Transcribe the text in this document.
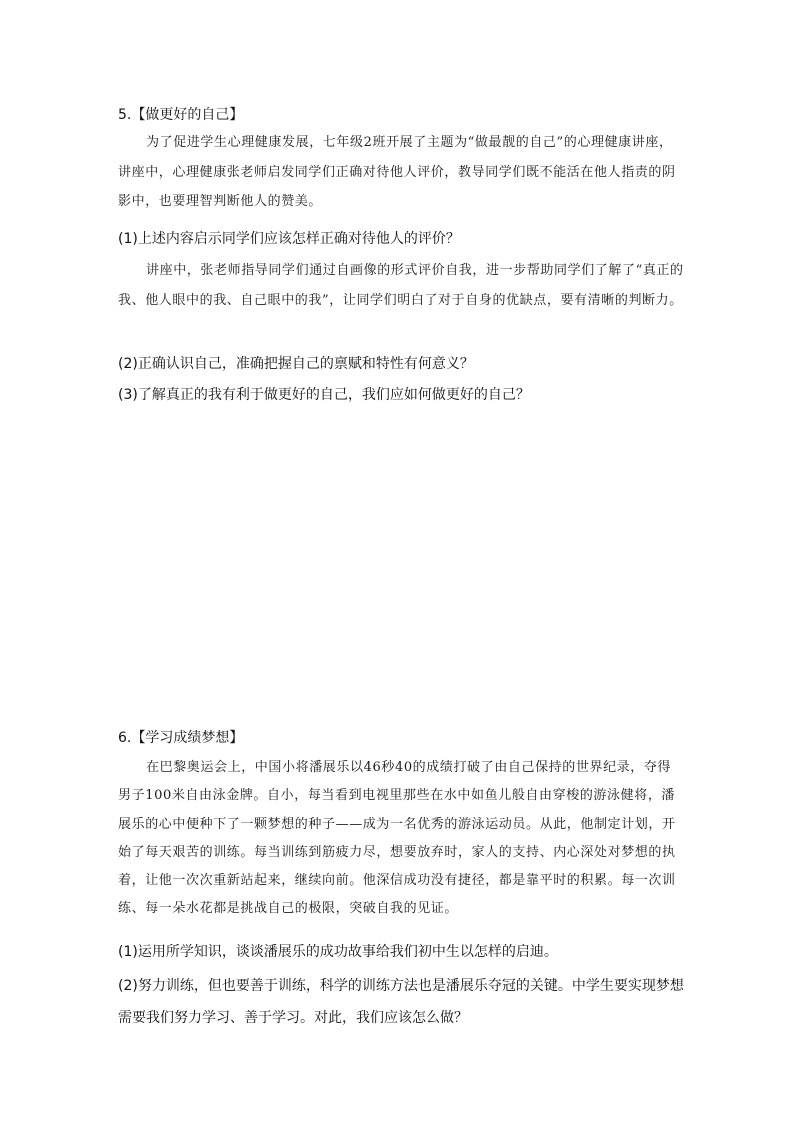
5.【做更好的自己】
为了促进学生心理健康发展，七年级2班开展了主题为“做最靓的自己”的心理健康讲座，讲座中，心理健康张老师启发同学们正确对待他人评价，教导同学们既不能活在他人指责的阴影中，也要理智判断他人的赞美。
(1)上述内容启示同学们应该怎样正确对待他人的评价？
讲座中，张老师指导同学们通过自画像的形式评价自我，进一步帮助同学们了解了“真正的我、他人眼中的我、自己眼中的我”，让同学们明白了对于自身的优缺点，要有清晰的判断力。
(2)正确认识自己，准确把握自己的禀赋和特性有何意义？
(3)了解真正的我有利于做更好的自己，我们应如何做更好的自己？
6.【学习成绩梦想】
在巴黎奥运会上，中国小将潘展乐以46秒40的成绩打破了由自己保持的世界纪录，夺得男子100米自由泳金牌。自小，每当看到电视里那些在水中如鱼儿般自由穿梭的游泳健将，潘展乐的心中便种下了一颗梦想的种子——成为一名优秀的游泳运动员。从此，他制定计划，开始了每天艰苦的训练。每当训练到筋疲力尽，想要放弃时，家人的支持、内心深处对梦想的执着，让他一次次重新站起来，继续向前。他深信成功没有捷径，都是靠平时的积累。每一次训练、每一朵水花都是挑战自己的极限，突破自我的见证。
(1)运用所学知识，谈谈潘展乐的成功故事给我们初中生以怎样的启迪。
(2)努力训练，但也要善于训练，科学的训练方法也是潘展乐夺冠的关键。中学生要实现梦想需要我们努力学习、善于学习。对此，我们应该怎么做？
